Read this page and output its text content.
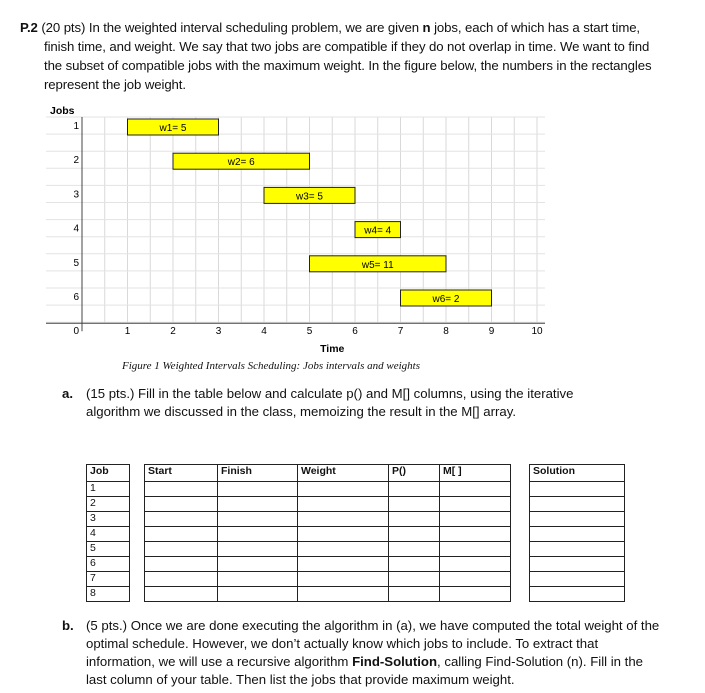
P.2 (20 pts) In the weighted interval scheduling problem, we are given n jobs, each of which has a start time, finish time, and weight. We say that two jobs are compatible if they do not overlap in time. We want to find the subset of compatible jobs with the maximum weight. In the figure below, the numbers in the rectangles represent the job weight.

w1= 5
w2= 6
w3= 5
w4= 4
w5= 11
w6= 2
Jobs
1
2
3
4
5
6
0	1	2	3	4	5	6	7	8	9	10
Time
Figure 1 Weighted Intervals Scheduling: Jobs intervals and weights
a. (15 pts.) Fill in the table below and calculate p() and M[] columns, using the iterative algorithm we discussed in the class, memoizing the result in the M[] array.
Job		Start	Finish	Weight	P()	M[ ]		Solution
1								
2								
3								
4								
5								
6								
7								
8								
b. (5 pts.) Once we are done executing the algorithm in (a), we have computed the total weight of the optimal schedule. However, we don’t actually know which jobs to include. To extract that information, we will use a recursive algorithm Find-Solution, calling Find-Solution (n). Fill in the last column of your table. Then list the jobs that provide maximum weight.
